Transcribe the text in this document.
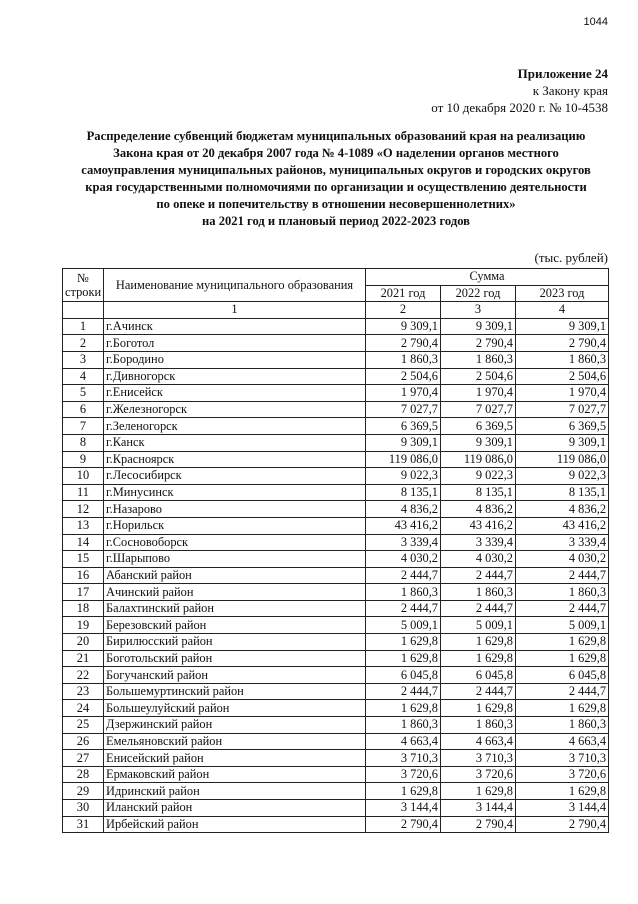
1044
Приложение 24
к Закону края
от 10 декабря 2020 г. № 10-4538
Распределение субвенций бюджетам муниципальных образований края на реализацию
Закона края от 20 декабря 2007 года № 4-1089 «О наделении органов местного
самоуправления муниципальных районов, муниципальных округов и городских округов
края государственными полномочиями по организации и осуществлению деятельности
по опеке и попечительству в отношении несовершеннолетних»
на 2021 год и плановый период 2022-2023 годов
(тыс. рублей)
№ строки	Наименование муниципального образования	Сумма		
		2021 год	2022 год	2023 год
	1	2	3	4
1	г.Ачинск	9 309,1	9 309,1	9 309,1
2	г.Боготол	2 790,4	2 790,4	2 790,4
3	г.Бородино	1 860,3	1 860,3	1 860,3
4	г.Дивногорск	2 504,6	2 504,6	2 504,6
5	г.Енисейск	1 970,4	1 970,4	1 970,4
6	г.Железногорск	7 027,7	7 027,7	7 027,7
7	г.Зеленогорск	6 369,5	6 369,5	6 369,5
8	г.Канск	9 309,1	9 309,1	9 309,1
9	г.Красноярск	119 086,0	119 086,0	119 086,0
10	г.Лесосибирск	9 022,3	9 022,3	9 022,3
11	г.Минусинск	8 135,1	8 135,1	8 135,1
12	г.Назарово	4 836,2	4 836,2	4 836,2
13	г.Норильск	43 416,2	43 416,2	43 416,2
14	г.Сосновоборск	3 339,4	3 339,4	3 339,4
15	г.Шарыпово	4 030,2	4 030,2	4 030,2
16	Абанский район	2 444,7	2 444,7	2 444,7
17	Ачинский район	1 860,3	1 860,3	1 860,3
18	Балахтинский район	2 444,7	2 444,7	2 444,7
19	Березовский район	5 009,1	5 009,1	5 009,1
20	Бирилюсский район	1 629,8	1 629,8	1 629,8
21	Боготольский район	1 629,8	1 629,8	1 629,8
22	Богучанский район	6 045,8	6 045,8	6 045,8
23	Большемуртинский район	2 444,7	2 444,7	2 444,7
24	Большеулуйский район	1 629,8	1 629,8	1 629,8
25	Дзержинский район	1 860,3	1 860,3	1 860,3
26	Емельяновский район	4 663,4	4 663,4	4 663,4
27	Енисейский район	3 710,3	3 710,3	3 710,3
28	Ермаковский район	3 720,6	3 720,6	3 720,6
29	Идринский район	1 629,8	1 629,8	1 629,8
30	Иланский район	3 144,4	3 144,4	3 144,4
31	Ирбейский район	2 790,4	2 790,4	2 790,4
